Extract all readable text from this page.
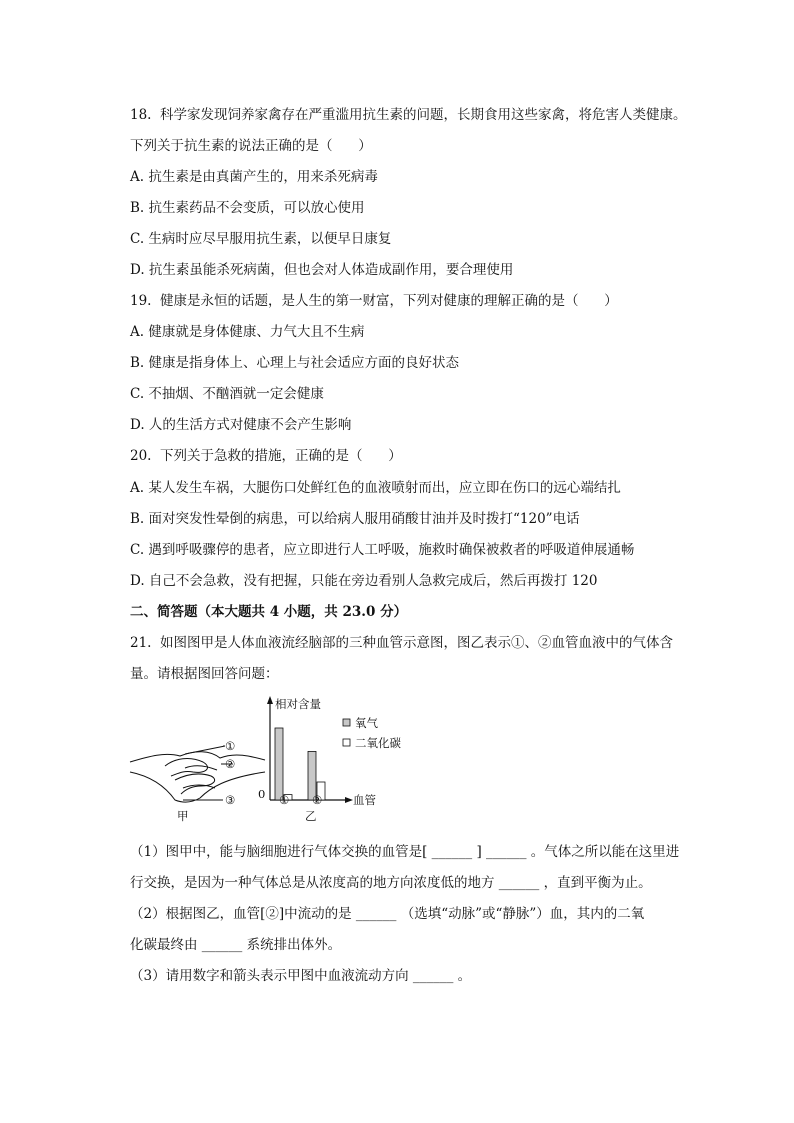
18.  科学家发现饲养家禽存在严重滥用抗生素的问题，长期食用这些家禽，将危害人类健康。
下列关于抗生素的说法正确的是（      ）
A. 抗生素是由真菌产生的，用来杀死病毒
B. 抗生素药品不会变质，可以放心使用
C. 生病时应尽早服用抗生素，以便早日康复
D. 抗生素虽能杀死病菌，但也会对人体造成副作用，要合理使用
19.  健康是永恒的话题，是人生的第一财富，下列对健康的理解正确的是（      ）
A. 健康就是身体健康、力气大且不生病
B. 健康是指身体上、心理上与社会适应方面的良好状态
C. 不抽烟、不酗酒就一定会健康
D. 人的生活方式对健康不会产生影响
20.  下列关于急救的措施，正确的是（      ）
A. 某人发生车祸，大腿伤口处鲜红色的血液喷射而出，应立即在伤口的远心端结扎
B. 面对突发性晕倒的病患，可以给病人服用硝酸甘油并及时拨打“120”电话
C. 遇到呼吸骤停的患者，应立即进行人工呼吸，施救时确保被救者的呼吸道伸展通畅
D. 自己不会急救，没有把握，只能在旁边看别人急救完成后，然后再拨打 120
二、简答题（本大题共 4 小题，共 23.0 分）
21.  如图图甲是人体血液流经脑部的三种血管示意图，图乙表示①、②血管血液中的气体含
量。请根据图回答问题：
①
②
③
甲
相对含量
血管
0 ① ②
氧气
二氧化碳
乙
（1）图甲中，能与脑细胞进行气体交换的血管是[ ______ ] ______ 。气体之所以能在这里进
行交换，是因为一种气体总是从浓度高的地方向浓度低的地方 ______ ，直到平衡为止。
（2）根据图乙，血管[②]中流动的是 ______ （选填“动脉”或“静脉”）血，其内的二氧
化碳最终由 ______ 系统排出体外。
（3）请用数字和箭头表示甲图中血液流动方向 ______ 。
